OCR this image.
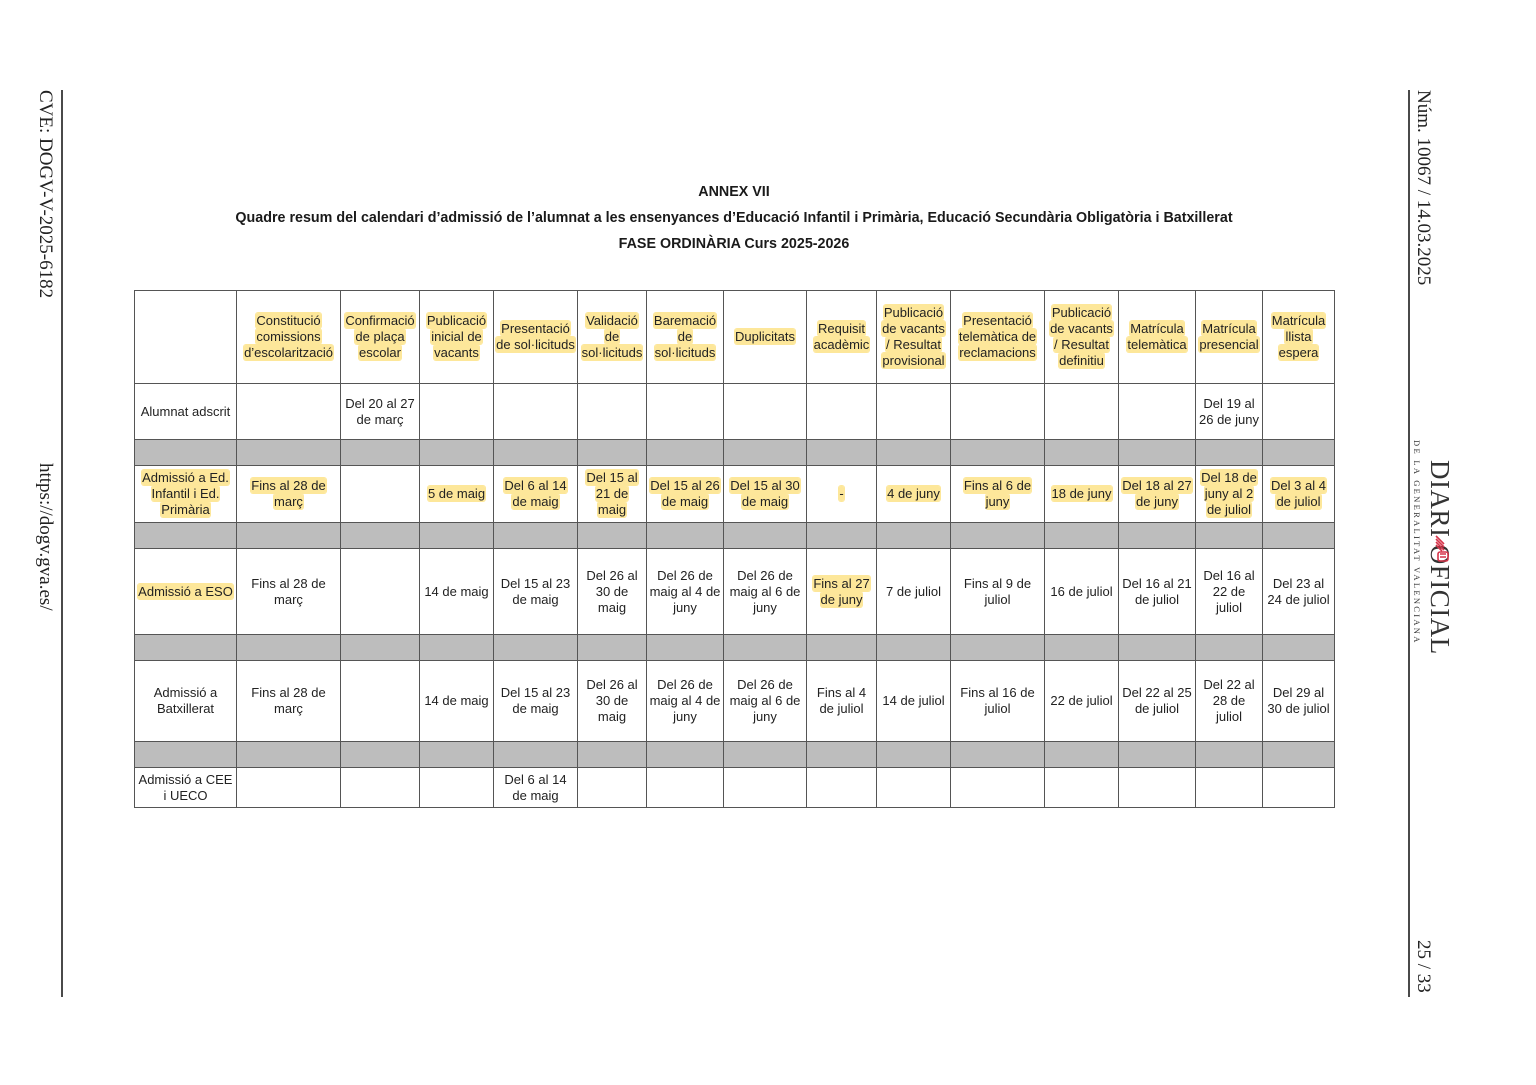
CVE: DOGV-V-2025-6182
https://dogv.gva.es/
Núm. 10067 / 14.03.2025
DE LA GENERALITAT VALENCIANA DIARI OFICIAL
25 / 33
ANNEX VII
Quadre resum del calendari d’admissió de l’alumnat a les ensenyances d’Educació Infantil i Primària, Educació Secundària Obligatòria i Batxillerat
FASE ORDINÀRIA Curs 2025-2026
	Constitució comissions d’escolarització	Confirmació de plaça escolar	Publicació inicial de vacants	Presentació de sol·licituds	Validació de sol·licituds	Baremació de sol·licituds	Duplicitats	Requisit acadèmic	Publicació de vacants / Resultat provisional	Presentació telemàtica de reclamacions	Publicació de vacants / Resultat definitiu	Matrícula telemàtica	Matrícula presencial	Matrícula llista espera
Alumnat adscrit		Del 20 al 27 de març											Del 19 al 26 de juny	

Admissió a Ed. Infantil i Ed. Primària	Fins al 28 de març		5 de maig	Del 6 al 14 de maig	Del 15 al 21 de maig	Del 15 al 26 de maig	Del 15 al 30 de maig	-	4 de juny	Fins al 6 de juny	18 de juny	Del 18 al 27 de juny	Del 18 de juny al 2 de juliol	Del 3 al 4 de juliol

Admissió a ESO	Fins al 28 de març		14 de maig	Del 15 al 23 de maig	Del 26 al 30 de maig	Del 26 de maig al 4 de juny	Del 26 de maig al 6 de juny	Fins al 27 de juny	7 de juliol	Fins al 9 de juliol	16 de juliol	Del 16 al 21 de juliol	Del 16 al 22 de juliol	Del 23 al 24 de juliol

Admissió a Batxillerat	Fins al 28 de març		14 de maig	Del 15 al 23 de maig	Del 26 al 30 de maig	Del 26 de maig al 4 de juny	Del 26 de maig al 6 de juny	Fins al 4 de juliol	14 de juliol	Fins al 16 de juliol	22 de juliol	Del 22 al 25 de juliol	Del 22 al 28 de juliol	Del 29 al 30 de juliol

Admissió a CEE i UECO				Del 6 al 14 de maig										
